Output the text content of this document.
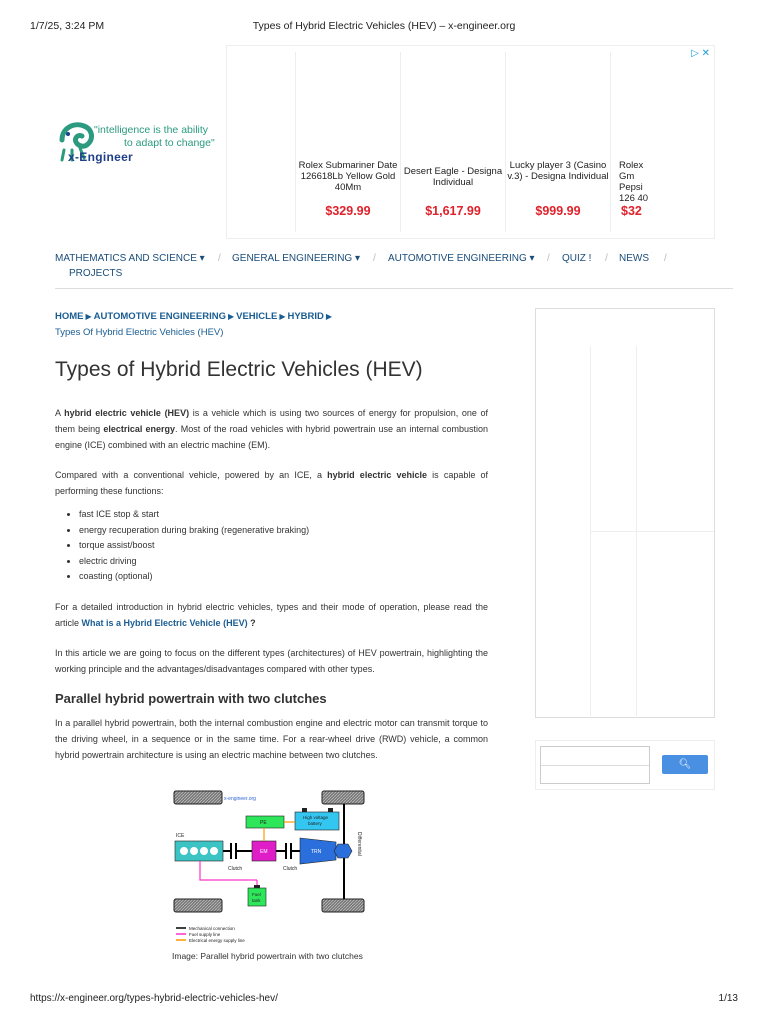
1/7/25, 3:24 PM	Types of Hybrid Electric Vehicles (HEV) – x-engineer.org
"intelligence is the ability
to adapt to change"
x-Engineer
▷ ✕
Rolex Submariner Date 126618Lb Yellow Gold 40Mm
$329.99
Desert Eagle - Designa Individual
$1,617.99
Lucky player 3 (Casino v.3) - Designa Individual
$999.99
Rolex Gm Pepsi 126 40
$32
MATHEMATICS AND SCIENCE ▾ / GENERAL ENGINEERING ▾ / AUTOMOTIVE ENGINEERING ▾ / QUIZ ! / NEWS /
PROJECTS
HOME ▶ AUTOMOTIVE ENGINEERING ▶ VEHICLE ▶ HYBRID ▶
Types Of Hybrid Electric Vehicles (HEV)
Types of Hybrid Electric Vehicles (HEV)

A hybrid electric vehicle (HEV) is a vehicle which is using two sources of energy for propulsion, one of them being electrical energy. Most of the road vehicles with hybrid powertrain use an internal combustion engine (ICE) combined with an electric machine (EM).

Compared with a conventional vehicle, powered by an ICE, a hybrid electric vehicle is capable of performing these functions:

• fast ICE stop & start
• energy recuperation during braking (regenerative braking)
• torque assist/boost
• electric driving
• coasting (optional)

For a detailed introduction in hybrid electric vehicles, types and their mode of operation, please read the article What is a Hybrid Electric Vehicle (HEV) ?

In this article we are going to focus on the different types (architectures) of HEV powertrain, highlighting the working principle and the advantages/disadvantages compared with other types.

Parallel hybrid powertrain with two clutches

In a parallel hybrid powertrain, both the internal combustion engine and electric motor can transmit torque to the driving wheel, in a sequence or in the same time. For a rear-wheel drive (RWD) vehicle, a common hybrid powertrain architecture is using an electric machine between two clutches.

🔍︎
x-engineer.org
ICE
EM	TRN	Differential
PE
High voltage
battery
Clutch	Clutch
Fuel
tank
Mechanical connection
Fuel supply line
Electrical energy supply line
Image: Parallel hybrid powertrain with two clutches
https://x-engineer.org/types-hybrid-electric-vehicles-hev/	1/13
